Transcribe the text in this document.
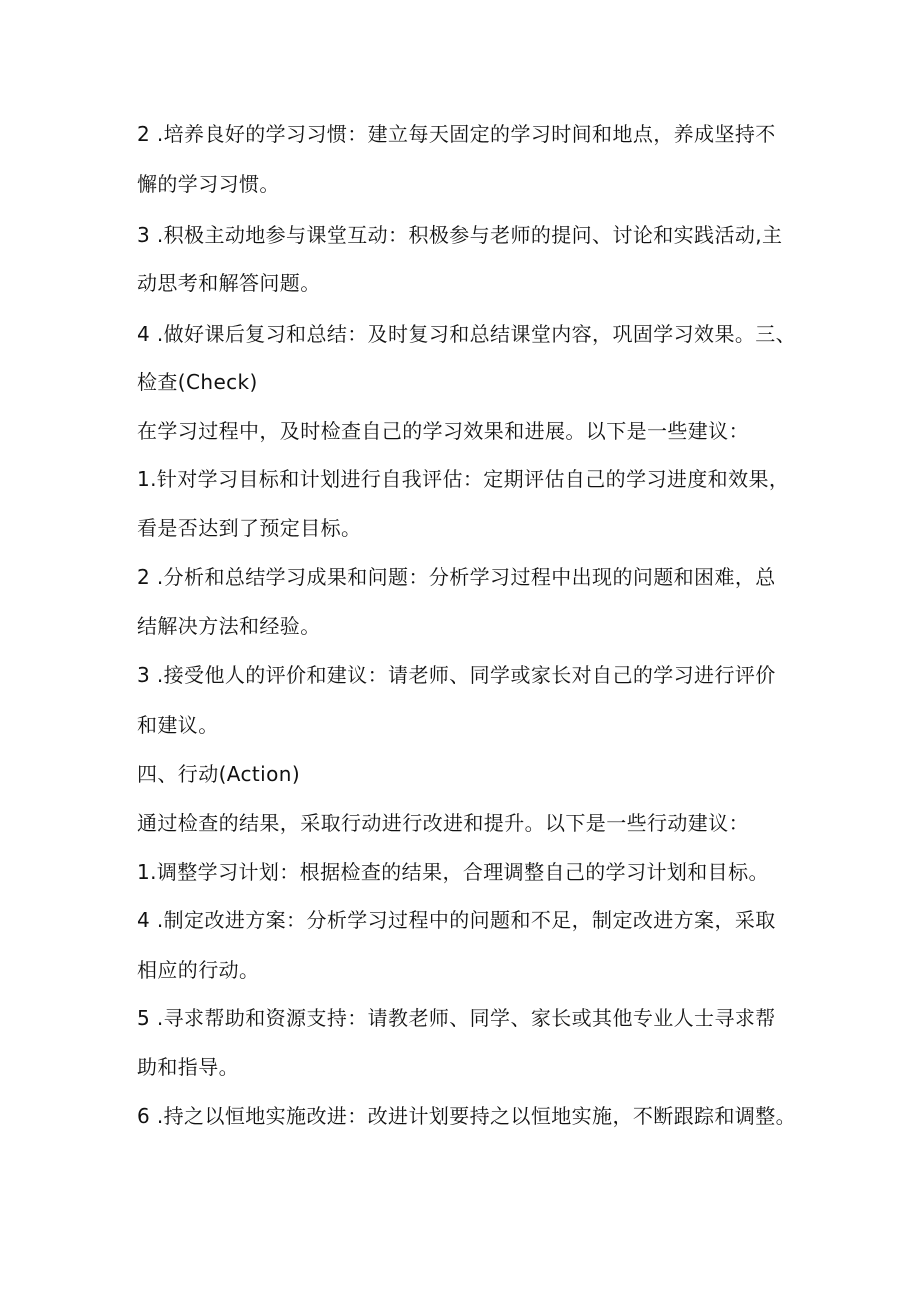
2 .培养良好的学习习惯：建立每天固定的学习时间和地点，养成坚持不
懈的学习习惯。
3 .积极主动地参与课堂互动：积极参与老师的提问、讨论和实践活动,主
动思考和解答问题。
4 .做好课后复习和总结：及时复习和总结课堂内容，巩固学习效果。三、
检查(Check)
在学习过程中，及时检查自己的学习效果和进展。以下是一些建议：
1.针对学习目标和计划进行自我评估：定期评估自己的学习进度和效果，
看是否达到了预定目标。
2 .分析和总结学习成果和问题：分析学习过程中出现的问题和困难，总
结解决方法和经验。
3 .接受他人的评价和建议：请老师、同学或家长对自己的学习进行评价
和建议。
四、行动(Action)
通过检查的结果，采取行动进行改进和提升。以下是一些行动建议：
1.调整学习计划：根据检查的结果，合理调整自己的学习计划和目标。
4 .制定改进方案：分析学习过程中的问题和不足，制定改进方案，采取
相应的行动。
5 .寻求帮助和资源支持：请教老师、同学、家长或其他专业人士寻求帮
助和指导。
6 .持之以恒地实施改进：改进计划要持之以恒地实施，不断跟踪和调整。
